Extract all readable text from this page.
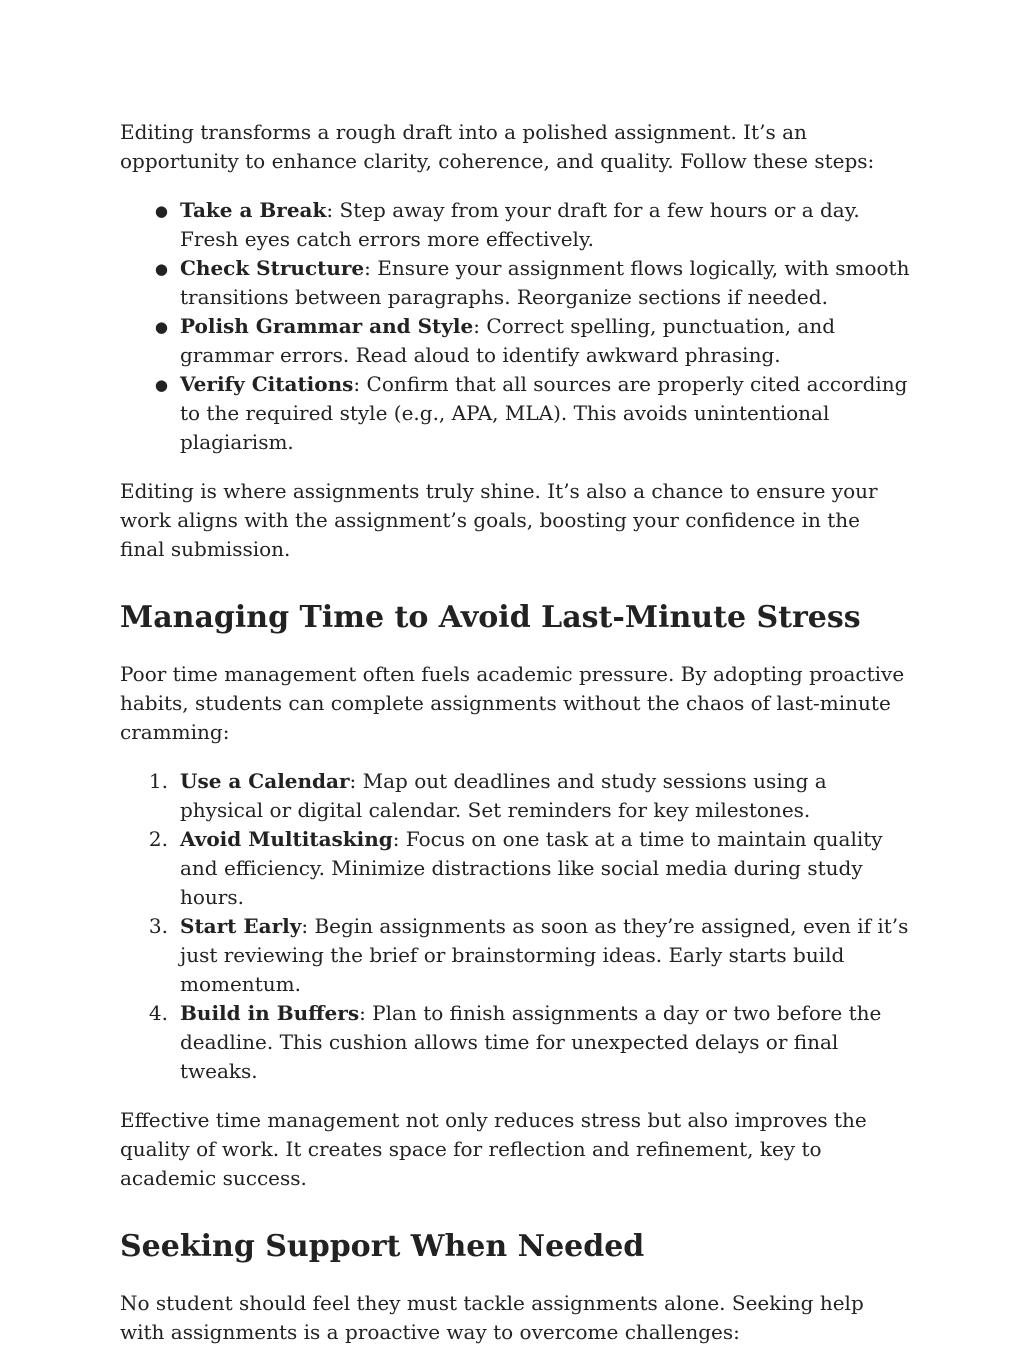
Editing transforms a rough draft into a polished assignment. It’s an opportunity to enhance clarity, coherence, and quality. Follow these steps:

● Take a Break: Step away from your draft for a few hours or a day. Fresh eyes catch errors more effectively.
● Check Structure: Ensure your assignment flows logically, with smooth transitions between paragraphs. Reorganize sections if needed.
● Polish Grammar and Style: Correct spelling, punctuation, and grammar errors. Read aloud to identify awkward phrasing.
● Verify Citations: Confirm that all sources are properly cited according to the required style (e.g., APA, MLA). This avoids unintentional plagiarism.

Editing is where assignments truly shine. It’s also a chance to ensure your work aligns with the assignment’s goals, boosting your confidence in the final submission.

Managing Time to Avoid Last-Minute Stress

Poor time management often fuels academic pressure. By adopting proactive habits, students can complete assignments without the chaos of last-minute cramming:

1. Use a Calendar: Map out deadlines and study sessions using a physical or digital calendar. Set reminders for key milestones.
2. Avoid Multitasking: Focus on one task at a time to maintain quality and efficiency. Minimize distractions like social media during study hours.
3. Start Early: Begin assignments as soon as they’re assigned, even if it’s just reviewing the brief or brainstorming ideas. Early starts build momentum.
4. Build in Buffers: Plan to finish assignments a day or two before the deadline. This cushion allows time for unexpected delays or final tweaks.

Effective time management not only reduces stress but also improves the quality of work. It creates space for reflection and refinement, key to academic success.

Seeking Support When Needed

No student should feel they must tackle assignments alone. Seeking help with assignments is a proactive way to overcome challenges:
